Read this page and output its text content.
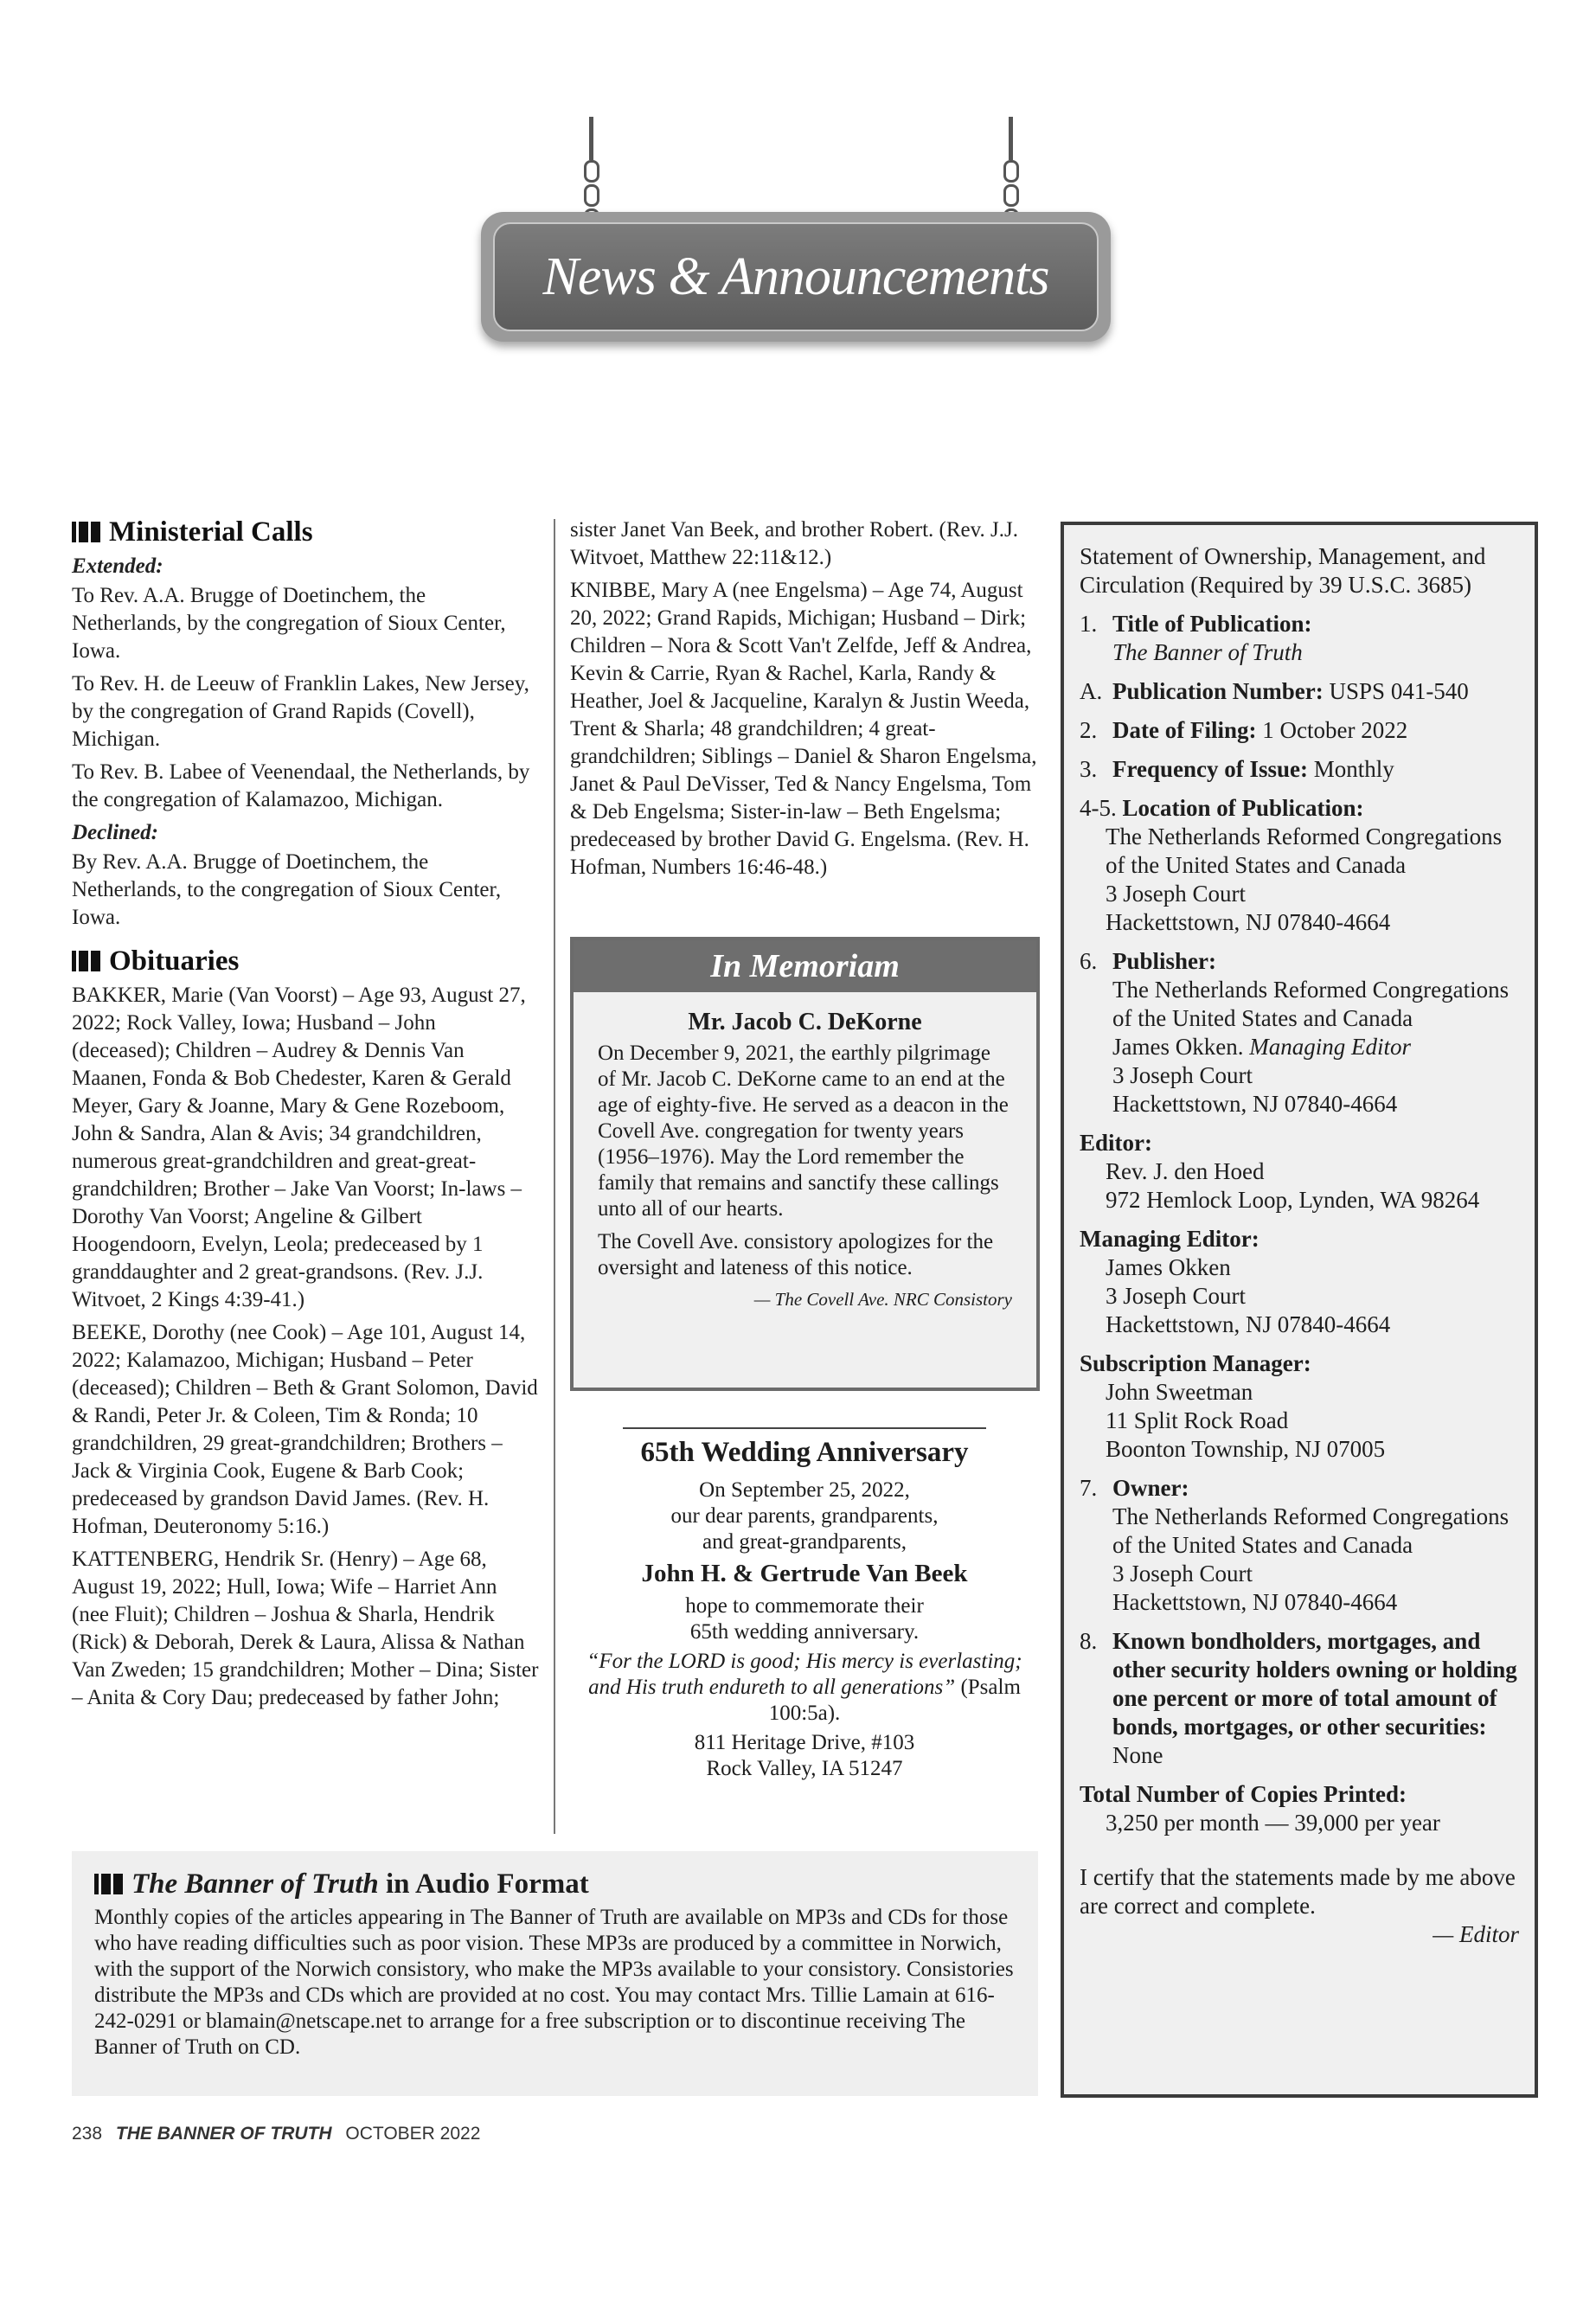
News & Announcements
Ministerial Calls
Extended:

To Rev. A.A. Brugge of Doetinchem, the Netherlands, by the congregation of Sioux Center, Iowa.

To Rev. H. de Leeuw of Franklin Lakes, New Jersey, by the congregation of Grand Rapids (Covell), Michigan.

To Rev. B. Labee of Veenendaal, the Netherlands, by the congregation of Kalamazoo, Michigan.

Declined:

By Rev. A.A. Brugge of Doetinchem, the Netherlands, to the congregation of Sioux Center, Iowa.

Obituaries

BAKKER, Marie (Van Voorst) – Age 93, August 27, 2022; Rock Valley, Iowa; Husband – John (deceased); Children – Audrey & Dennis Van Maanen, Fonda & Bob Chedester, Karen & Gerald Meyer, Gary & Joanne, Mary & Gene Rozeboom, John & Sandra, Alan & Avis; 34 grandchildren, numerous great-grandchildren and great-great-grandchildren; Brother – Jake Van Voorst; In-laws – Dorothy Van Voorst; Angeline & Gilbert Hoogendoorn, Evelyn, Leola; predeceased by 1 granddaughter and 2 great-grandsons. (Rev. J.J. Witvoet, 2 Kings 4:39-41.)

BEEKE, Dorothy (nee Cook) – Age 101, August 14, 2022; Kalamazoo, Michigan; Husband – Peter (deceased); Children – Beth & Grant Solomon, David & Randi, Peter Jr. & Coleen, Tim & Ronda; 10 grandchildren, 29 great-grandchildren; Brothers – Jack & Virginia Cook, Eugene & Barb Cook; predeceased by grandson David James. (Rev. H. Hofman, Deuteronomy 5:16.)

KATTENBERG, Hendrik Sr. (Henry) – Age 68, August 19, 2022; Hull, Iowa; Wife – Harriet Ann (nee Fluit); Children – Joshua & Sharla, Hendrik (Rick) & Deborah, Derek & Laura, Alissa & Nathan Van Zweden; 15 grandchildren; Mother – Dina; Sister – Anita & Cory Dau; predeceased by father John;

sister Janet Van Beek, and brother Robert. (Rev. J.J. Witvoet, Matthew 22:11&12.)

KNIBBE, Mary A (nee Engelsma) – Age 74, August 20, 2022; Grand Rapids, Michigan; Husband – Dirk; Children – Nora & Scott Van't Zelfde, Jeff & Andrea, Kevin & Carrie, Ryan & Rachel, Karla, Randy & Heather, Joel & Jacqueline, Karalyn & Justin Weeda, Trent & Sharla; 48 grandchildren; 4 great-grandchildren; Siblings – Daniel & Sharon Engelsma, Janet & Paul DeVisser, Ted & Nancy Engelsma, Tom & Deb Engelsma; Sister-in-law – Beth Engelsma; predeceased by brother David G. Engelsma. (Rev. H. Hofman, Numbers 16:46-48.)

In Memoriam
Mr. Jacob C. DeKorne

On December 9, 2021, the earthly pilgrimage of Mr. Jacob C. DeKorne came to an end at the age of eighty-five. He served as a deacon in the Covell Ave. congregation for twenty years (1956–1976). May the Lord remember the family that remains and sanctify these callings unto all of our hearts.

The Covell Ave. consistory apologizes for the oversight and lateness of this notice.

— The Covell Ave. NRC Consistory
65th Wedding Anniversary
On September 25, 2022,
our dear parents, grandparents,
and great-grandparents,
John H. & Gertrude Van Beek
hope to commemorate their
65th wedding anniversary.
“For the LORD is good; His mercy is everlasting; and His truth endureth to all generations” (Psalm 100:5a).
811 Heritage Drive, #103
Rock Valley, IA 51247
Statement of Ownership, Management, and Circulation (Required by 39 U.S.C. 3685)
1. Title of Publication:
The Banner of Truth
A. Publication Number: USPS 041-540
2. Date of Filing: 1 October 2022
3. Frequency of Issue: Monthly
4-5. Location of Publication:
The Netherlands Reformed Congregations of the United States and Canada
3 Joseph Court
Hackettstown, NJ 07840-4664
6. Publisher:
The Netherlands Reformed Congregations of the United States and Canada
James Okken. Managing Editor
3 Joseph Court
Hackettstown, NJ 07840-4664
Editor:
Rev. J. den Hoed
972 Hemlock Loop, Lynden, WA 98264
Managing Editor:
James Okken
3 Joseph Court
Hackettstown, NJ 07840-4664
Subscription Manager:
John Sweetman
11 Split Rock Road
Boonton Township, NJ 07005
7. Owner:
The Netherlands Reformed Congregations of the United States and Canada
3 Joseph Court
Hackettstown, NJ 07840-4664
8. Known bondholders, mortgages, and other security holders owning or holding one percent or more of total amount of bonds, mortgages, or other securities: None
Total Number of Copies Printed:
3,250 per month — 39,000 per year
I certify that the statements made by me above are correct and complete.
— Editor
The Banner of Truth
in Audio Format
Monthly copies of the articles appearing in The Banner of Truth are available on MP3s and CDs for those who have reading difficulties such as poor vision. These MP3s are produced by a committee in Norwich, with the support of the Norwich consistory, who make the MP3s available to your consistory. Consistories distribute the MP3s and CDs which are provided at no cost. You may contact Mrs. Tillie Lamain at 616-242-0291 or blamain@netscape.net to arrange for a free subscription or to discontinue receiving The Banner of Truth on CD.
238 THE BANNER OF TRUTH OCTOBER 2022
